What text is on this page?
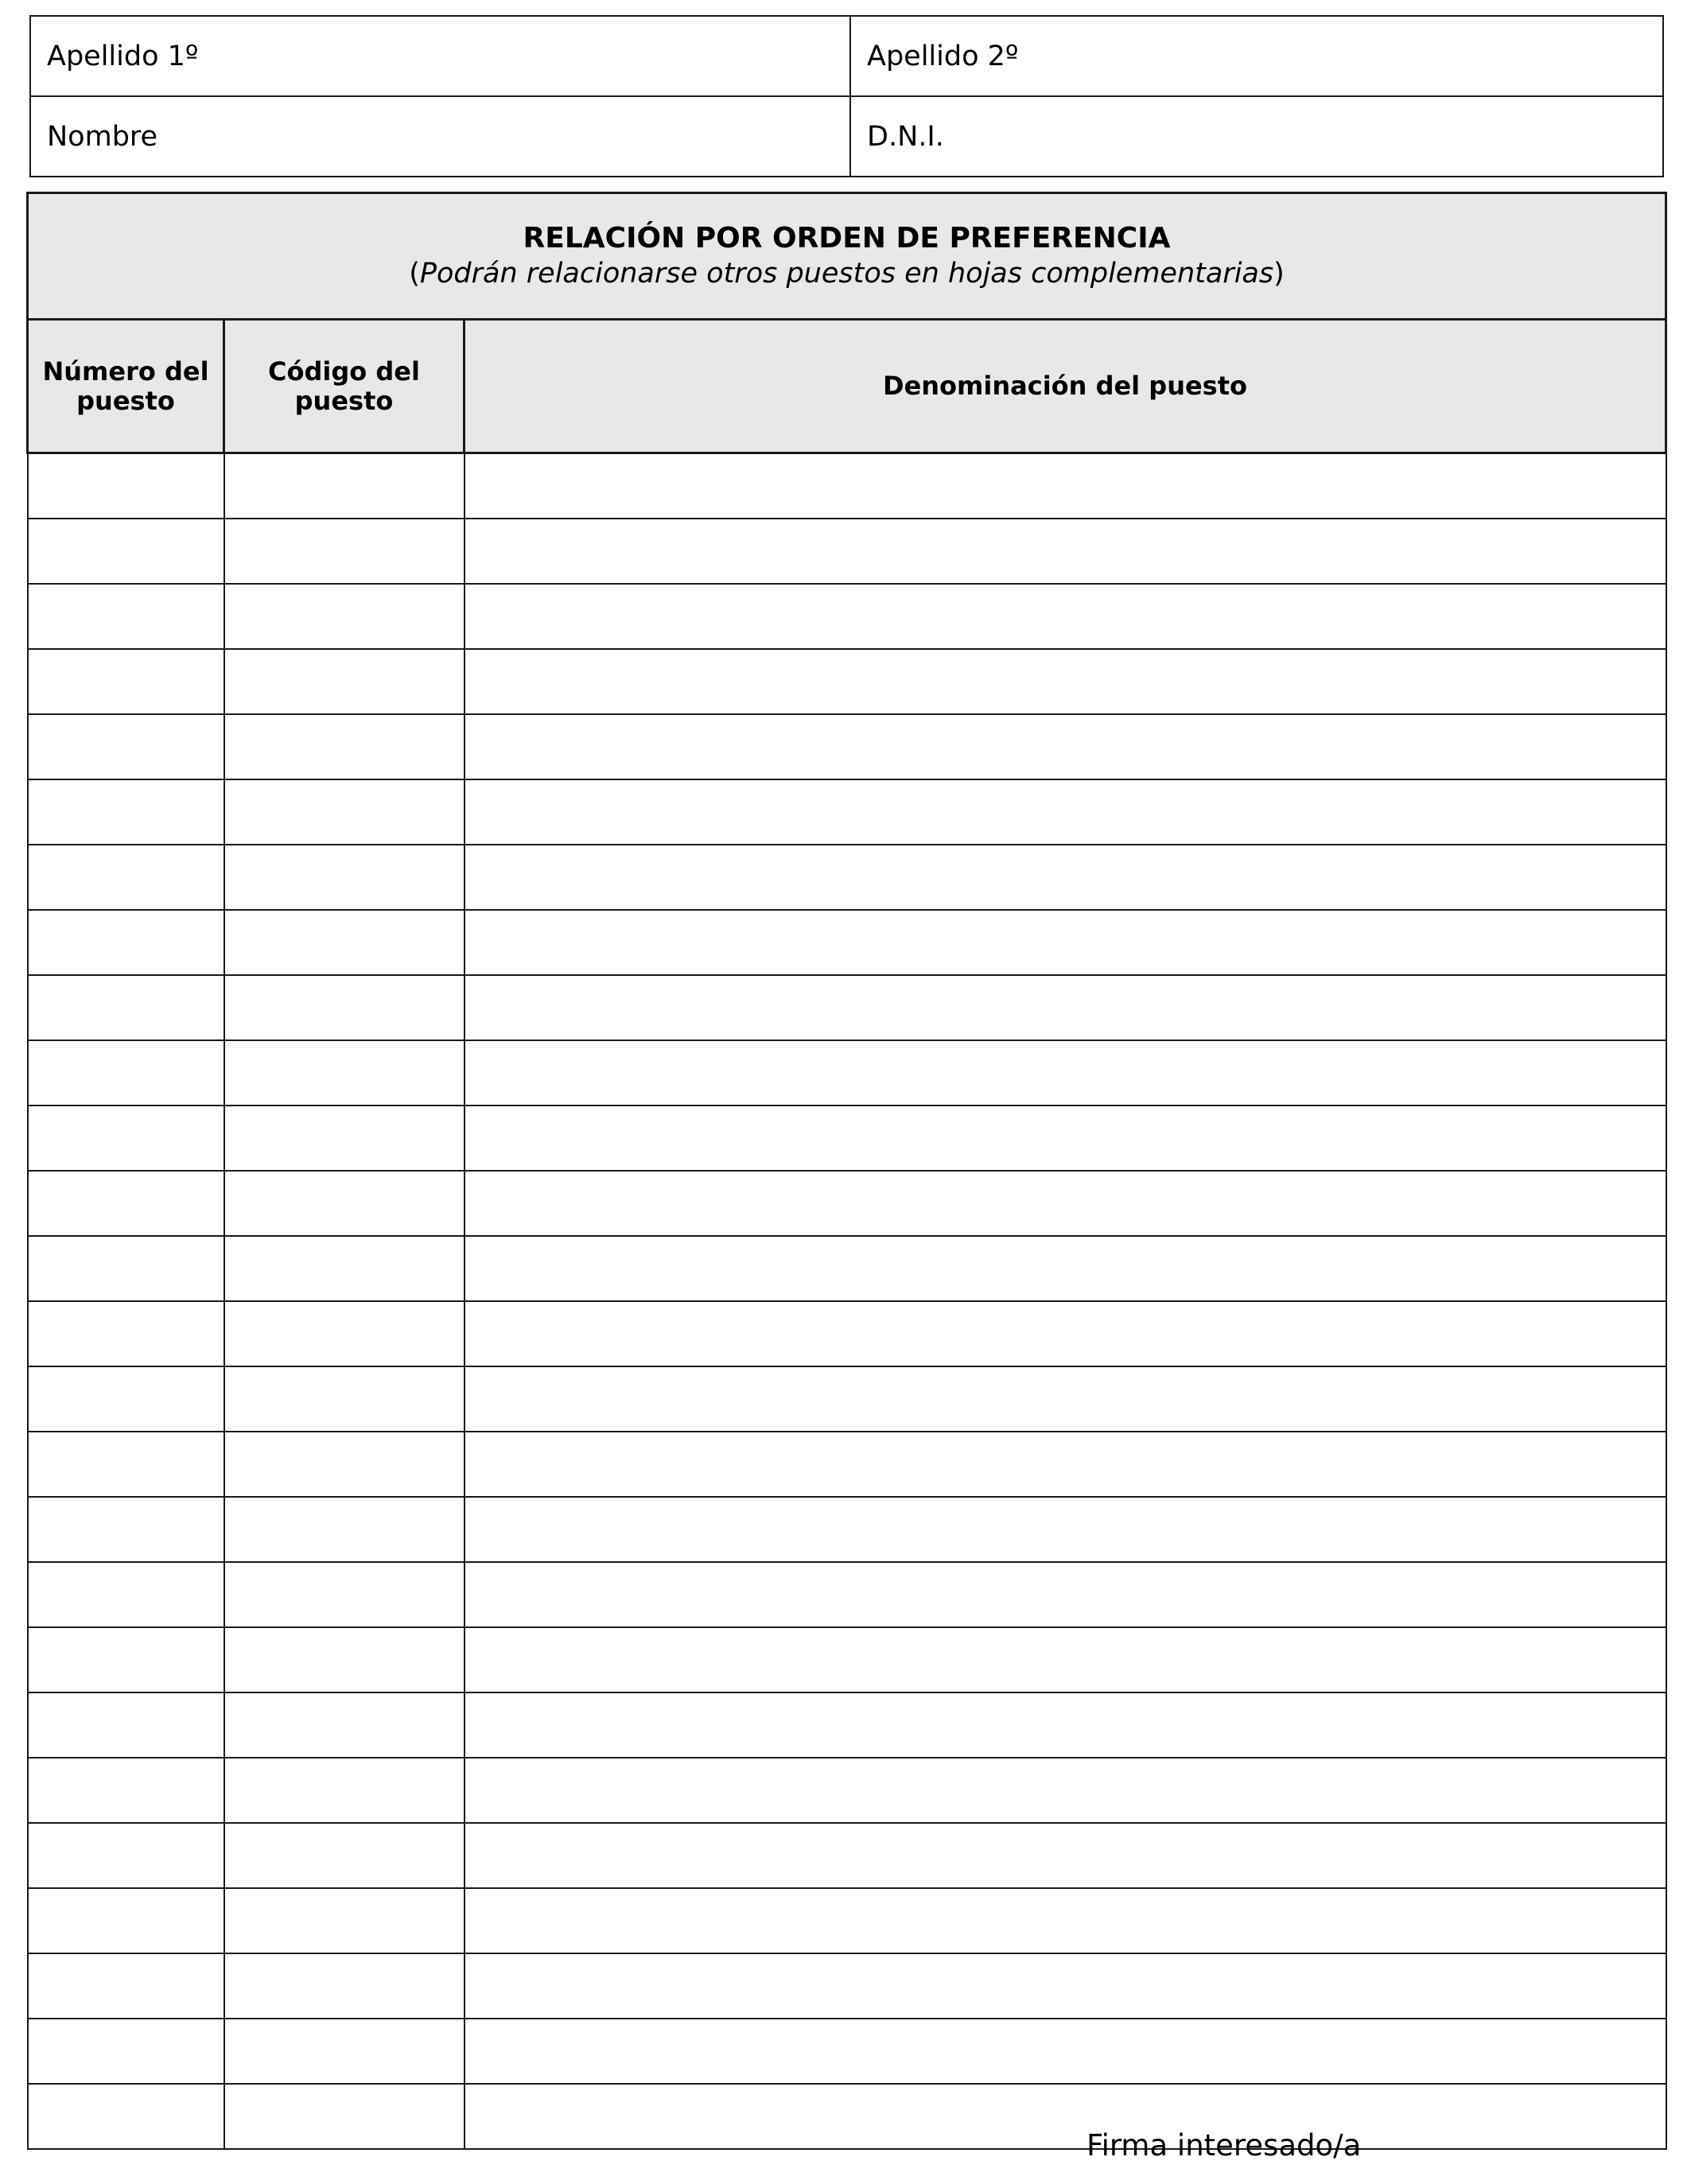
Apellido 1º	Apellido 2º
Nombre	D.N.I.
RELACIÓN POR ORDEN DE PREFERENCIA
(Podrán relacionarse otros puestos en hojas complementarias)		

Número del puesto	Código del puesto	Denominación del puesto

Firma interesado/a
